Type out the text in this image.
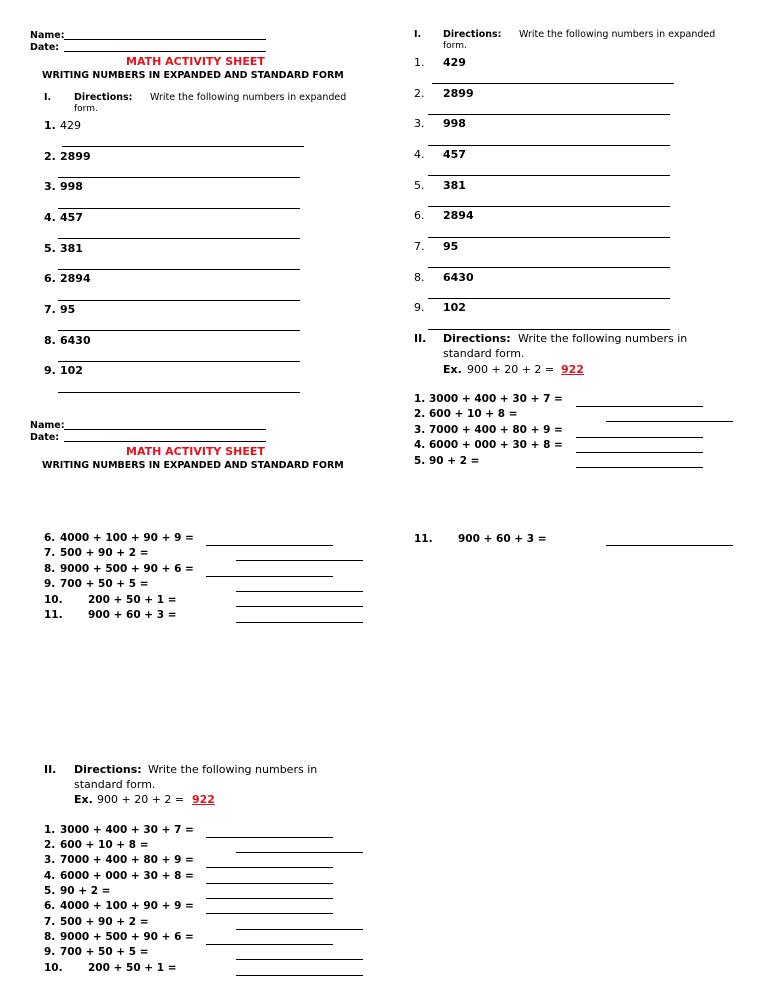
Name:
Date:
MATH ACTIVITY SHEET
WRITING NUMBERS IN EXPANDED AND STANDARD FORM
I. Directions: Write the following numbers in expanded
form.
1. 429
2. 2899
3. 998
4. 457
5. 381
6. 2894
7. 95
8. 6430
9. 102
Name:
Date:
MATH ACTIVITY SHEET
WRITING NUMBERS IN EXPANDED AND STANDARD FORM
6. 4000 + 100 + 90 + 9 =
7. 500 + 90 + 2 =
8. 9000 + 500 + 90 + 6 =
9. 700 + 50 + 5 =
10. 200 + 50 + 1 =
11. 900 + 60 + 3 =
II. Directions: Write the following numbers in
standard form.
Ex. 900 + 20 + 2 = 922
1. 3000 + 400 + 30 + 7 =
2. 600 + 10 + 8 =
3. 7000 + 400 + 80 + 9 =
4. 6000 + 000 + 30 + 8 =
5. 90 + 2 =
6. 4000 + 100 + 90 + 9 =
7. 500 + 90 + 2 =
8. 9000 + 500 + 90 + 6 =
9. 700 + 50 + 5 =
10. 200 + 50 + 1 =
I. Directions: Write the following numbers in expanded
form.
1. 429
2. 2899
3. 998
4. 457
5. 381
6. 2894
7. 95
8. 6430
9. 102
II. Directions: Write the following numbers in
standard form.
Ex. 900 + 20 + 2 = 922
1. 3000 + 400 + 30 + 7 =
2. 600 + 10 + 8 =
3. 7000 + 400 + 80 + 9 =
4. 6000 + 000 + 30 + 8 =
5. 90 + 2 =
11. 900 + 60 + 3 =
